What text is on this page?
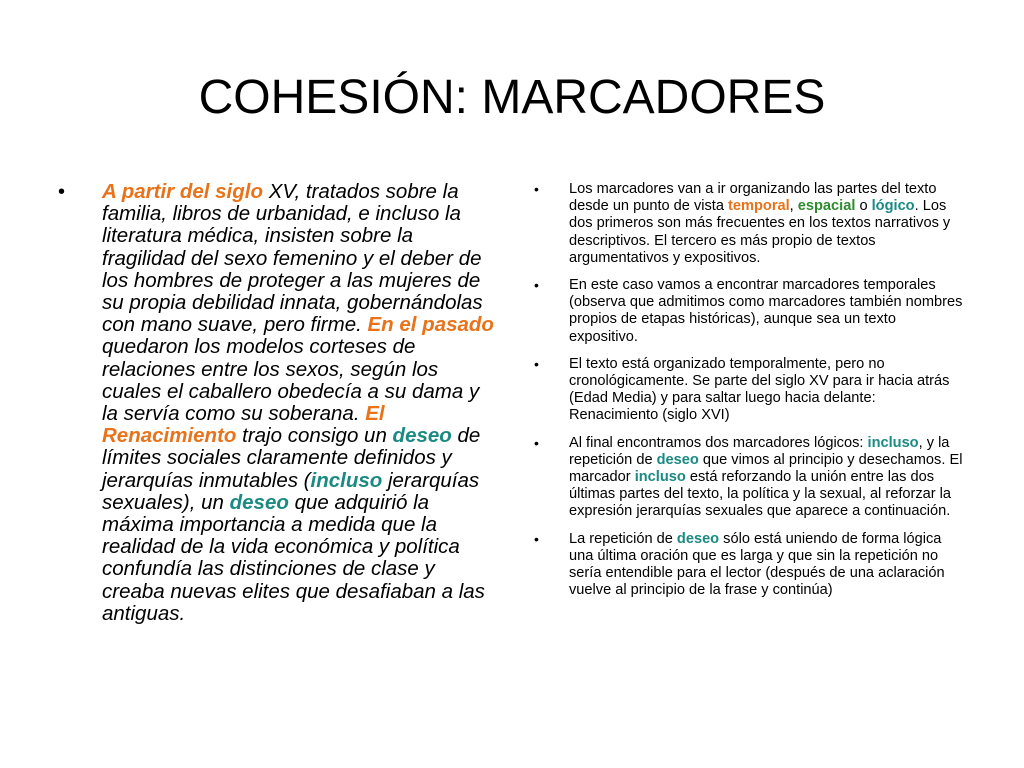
COHESIÓN: MARCADORES
• A partir del siglo XV, tratados sobre la familia, libros de urbanidad, e incluso la literatura médica, insisten sobre la fragilidad del sexo femenino y el deber de los hombres de proteger a las mujeres de su propia debilidad innata, gobernándolas con mano suave, pero firme. En el pasado quedaron los modelos corteses de relaciones entre los sexos, según los cuales el caballero obedecía a su dama y la servía como su soberana. El Renacimiento trajo consigo un deseo de límites sociales claramente definidos y jerarquías inmutables (incluso jerarquías sexuales), un deseo que adquirió la máxima importancia a medida que la realidad de la vida económica y política confundía las distinciones de clase y creaba nuevas elites que desafiaban a las antiguas.

• Los marcadores van a ir organizando las partes del texto desde un punto de vista temporal, espacial o lógico. Los dos primeros son más frecuentes en los textos narrativos y descriptivos. El tercero es más propio de textos argumentativos y expositivos.

• En este caso vamos a encontrar marcadores temporales (observa que admitimos como marcadores también nombres propios de etapas históricas), aunque sea un texto expositivo.

• El texto está organizado temporalmente, pero no cronológicamente. Se parte del siglo XV para ir hacia atrás (Edad Media) y para saltar luego hacia delante: Renacimiento (siglo XVI)

• Al final encontramos dos marcadores lógicos: incluso, y la repetición de deseo que vimos al principio y desechamos. El marcador incluso está reforzando la unión entre las dos últimas partes del texto, la política y la sexual, al reforzar la expresión jerarquías sexuales que aparece a continuación.

• La repetición de deseo sólo está uniendo de forma lógica una última oración que es larga y que sin la repetición no sería entendible para el lector (después de una aclaración vuelve al principio de la frase y continúa)
